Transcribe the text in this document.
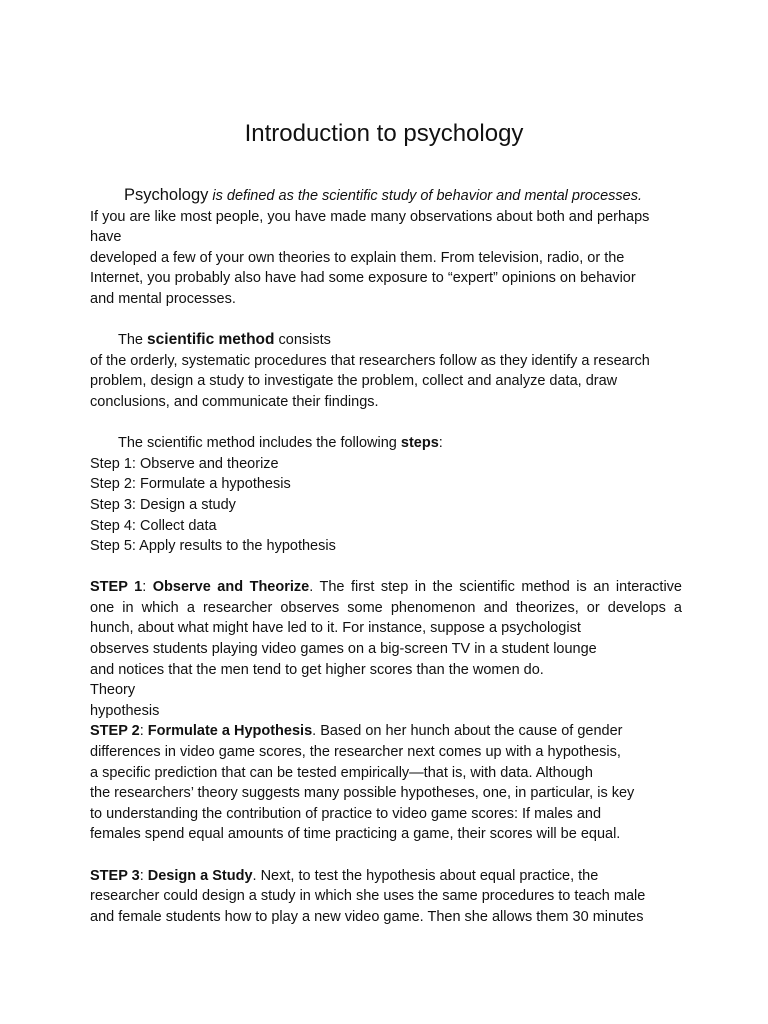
Introduction to psychology

Psychology is defined as the scientific study of behavior and mental processes.

If you are like most people, you have made many observations about both and perhaps

have

developed a few of your own theories to explain them. From television, radio, or the

Internet, you probably also have had some exposure to “expert” opinions on behavior

and mental processes.

The scientific method consists

of the orderly, systematic procedures that researchers follow as they identify a research

problem, design a study to investigate the problem, collect and analyze data, draw

conclusions, and communicate their findings.

The scientific method includes the following steps:

Step 1: Observe and theorize

Step 2: Formulate a hypothesis

Step 3: Design a study

Step 4: Collect data

Step 5: Apply results to the hypothesis

STEP 1: Observe and Theorize. The first step in the scientific method is an interactive

one in which a researcher observes some phenomenon and theorizes, or develops a

hunch, about what might have led to it. For instance, suppose a psychologist

observes students playing video games on a big-screen TV in a student lounge

and notices that the men tend to get higher scores than the women do.

Theory

hypothesis

STEP 2: Formulate a Hypothesis. Based on her hunch about the cause of gender

differences in video game scores, the researcher next comes up with a hypothesis,

a specific prediction that can be tested empirically—that is, with data. Although

the researchers’ theory suggests many possible hypotheses, one, in particular, is key

to understanding the contribution of practice to video game scores: If males and

females spend equal amounts of time practicing a game, their scores will be equal.

STEP 3: Design a Study. Next, to test the hypothesis about equal practice, the

researcher could design a study in which she uses the same procedures to teach male

and female students how to play a new video game. Then she allows them 30 minutes
